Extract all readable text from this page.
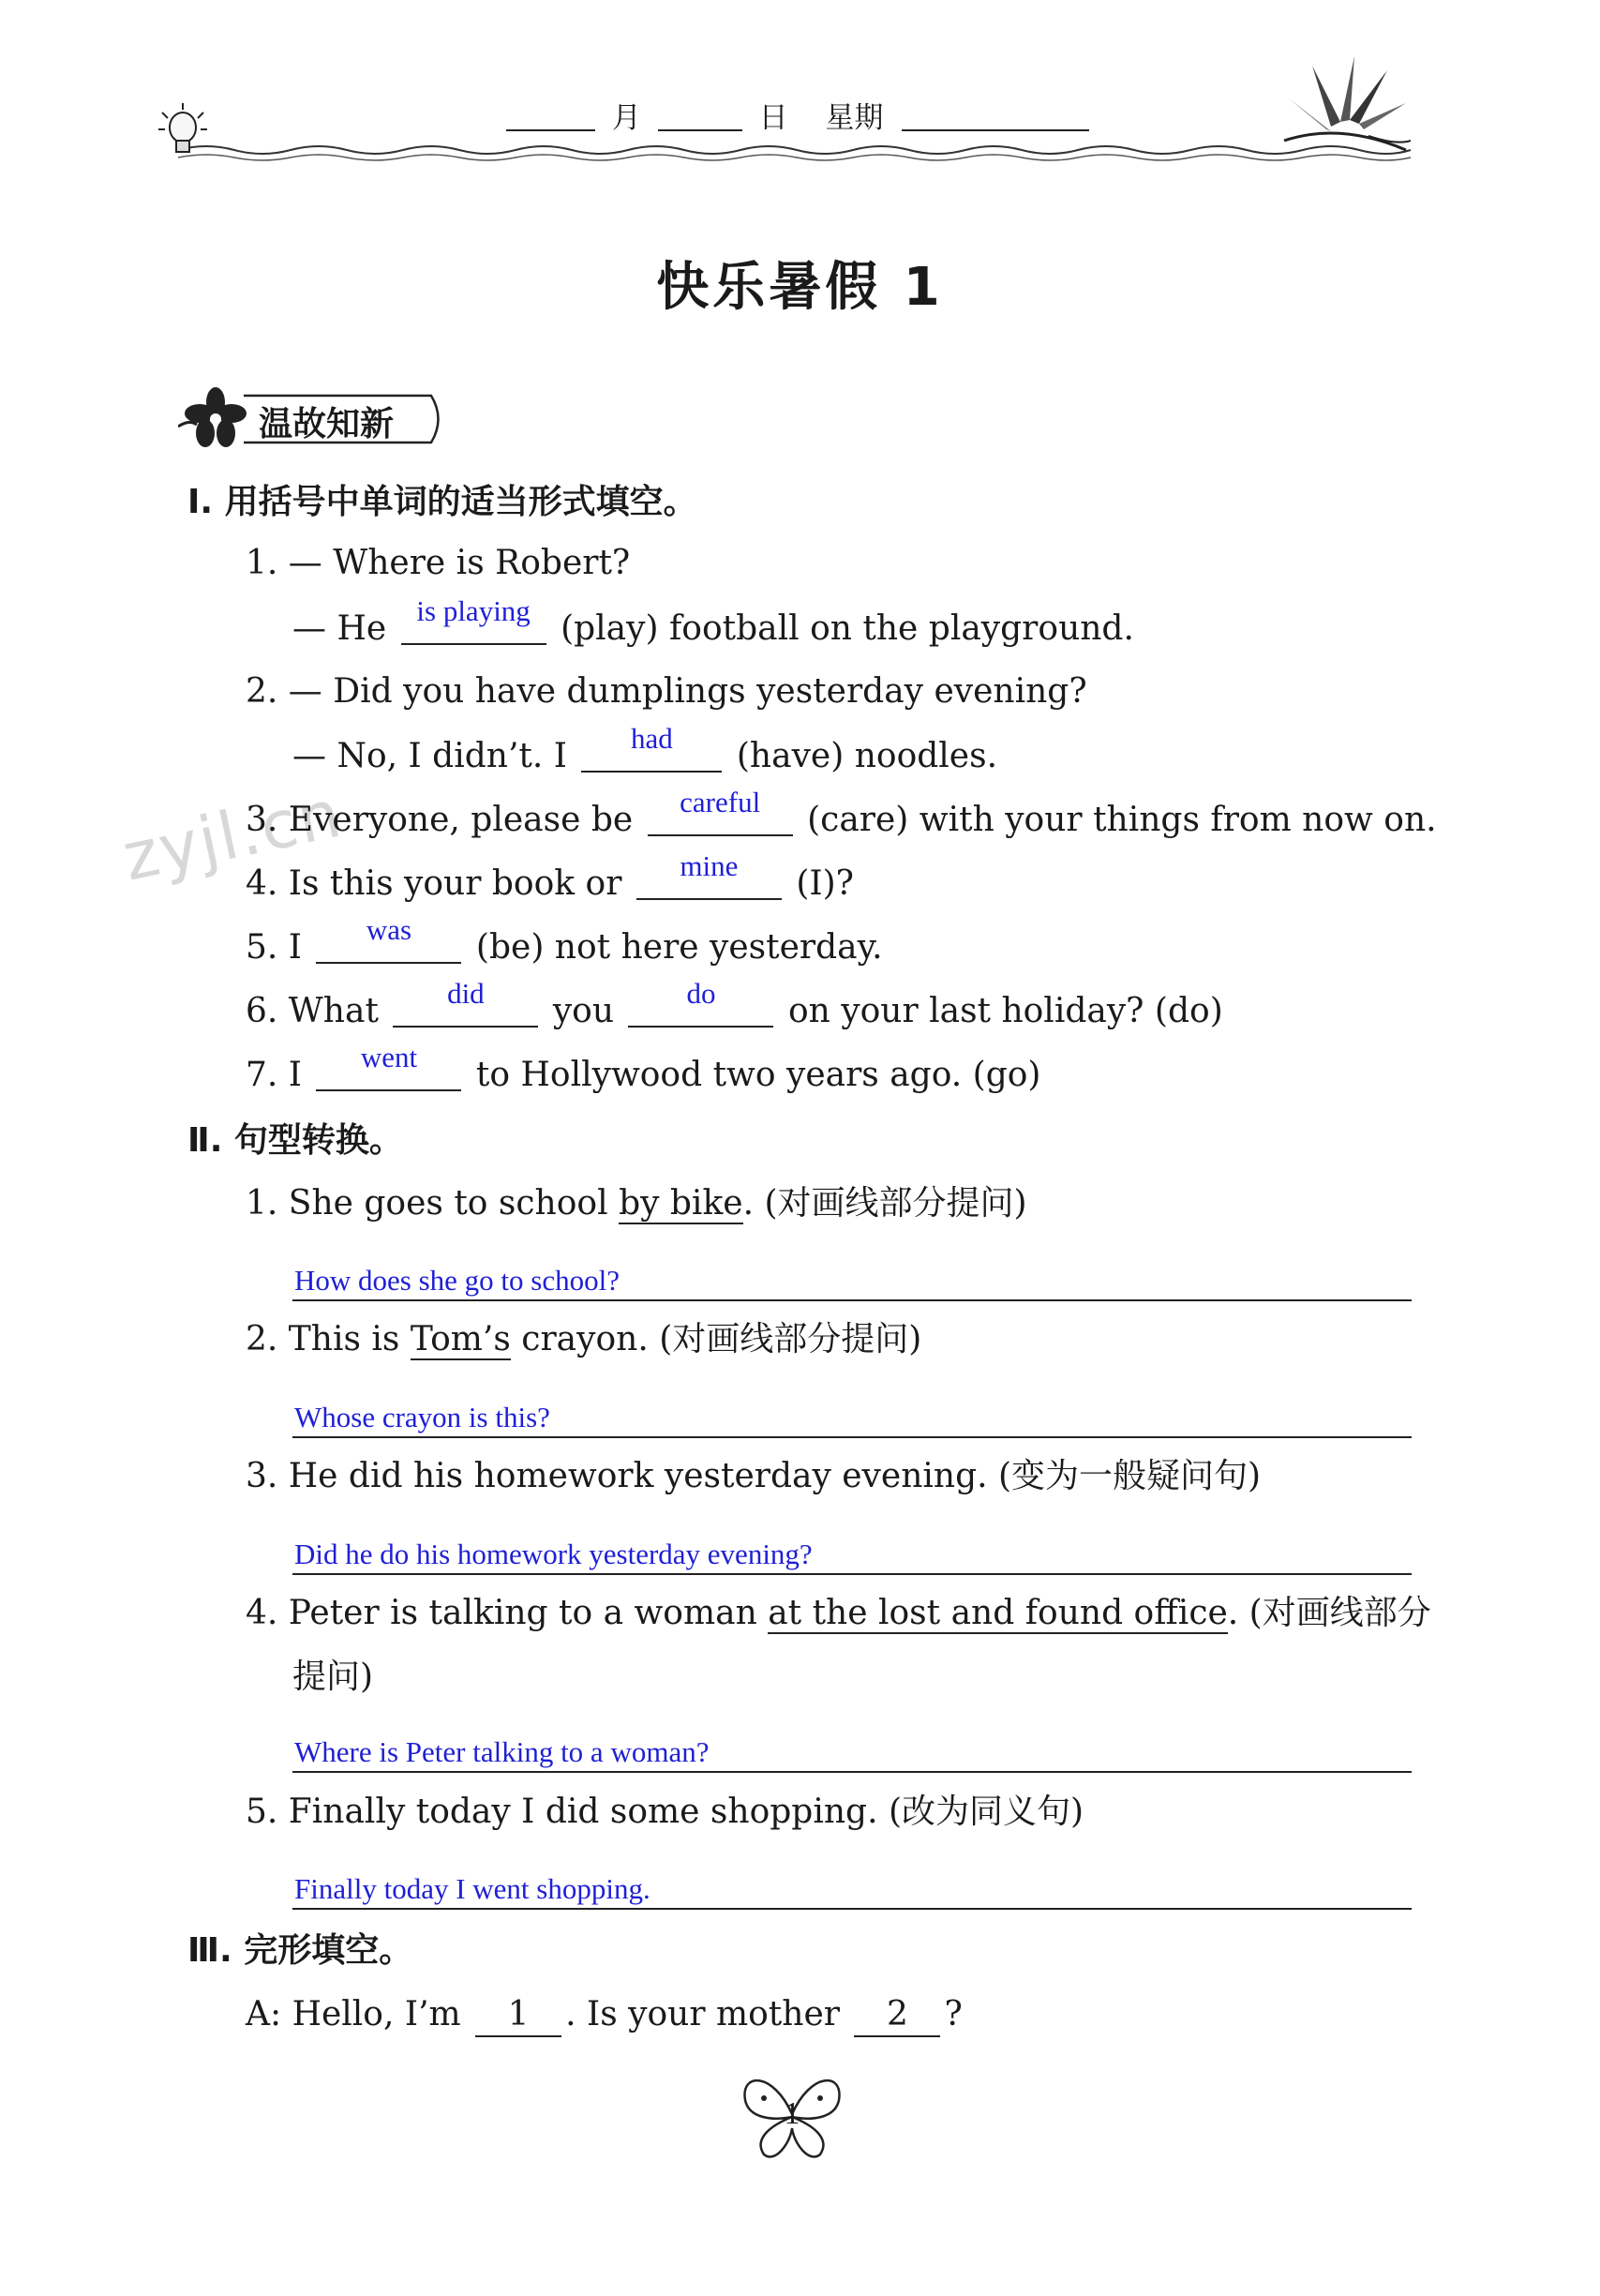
月	日 星期
快乐暑假 1
温故知新
zyjl.cn
Ⅰ. 用括号中单词的适当形式填空。
1. — Where is Robert?
— He	is playing (play) football on the playground.
2. — Did you have dumplings yesterday evening?
— No, I didn’t. I	had	(have) noodles.
3. Everyone, please be	careful	(care) with your things from now on.
4. Is this your book or	mine	(I)?
5. I	was	(be) not here yesterday.
6. What	did	you	do	on your last holiday? (do)
7. I	went	to Hollywood two years ago. (go)
Ⅱ. 句型转换。
1. She goes to school by bike. (对画线部分提问)
How does she go to school?
2. This is Tom’s crayon. (对画线部分提问)
Whose crayon is this?
3. He did his homework yesterday evening. (变为一般疑问句)
Did he do his homework yesterday evening?
4. Peter is talking to a woman at the lost and found office. (对画线部分
提问)
Where is Peter talking to a woman?
5. Finally today I did some shopping. (改为同义句)
Finally today I went shopping.
Ⅲ. 完形填空。
A: Hello, I’m 1 . Is your mother 2 ?
1
